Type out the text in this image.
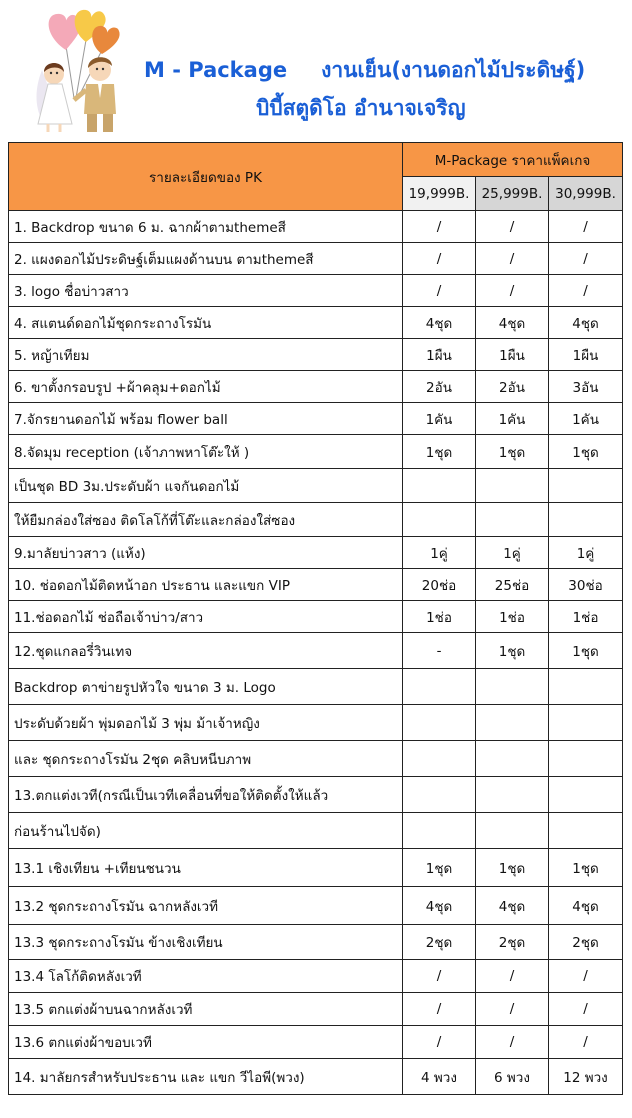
M - Package งานเย็น(งานดอกไม้ประดิษฐ์)
บิบี้สตูดิโอ อำนาจเจริญ
รายละเอียดของ PK	M-Package ราคาแพ็คเกจ		
	19,999B.	25,999B.	30,999B.
1. Backdrop ขนาด 6 ม. ฉากผ้าตามthemeสี	/	/	/
2. แผงดอกไม้ประดิษฐ์เต็มแผงด้านบน ตามthemeสี	/	/	/
3. logo ชื่อบ่าวสาว	/	/	/
4. สแตนด์ดอกไม้ชุดกระถางโรมัน	4ชุด	4ชุด	4ชุด
5. หญ้าเทียม	1ผืน	1ผืน	1ผืน
6. ขาตั้งกรอบรูป +ผ้าคลุม+ดอกไม้	2อัน	2อัน	3อัน
7.จักรยานดอกไม้ พร้อม flower ball	1คัน	1คัน	1คัน
8.จัดมุม reception (เจ้าภาพหาโต๊ะให้ )	1ชุด	1ชุด	1ชุด
เป็นชุด BD 3ม.ประดับผ้า แจกันดอกไม้			
ให้ยืมกล่องใส่ซอง ติดโลโก้ที่โต๊ะและกล่องใส่ซอง			
9.มาลัยบ่าวสาว (แห้ง)	1คู่	1คู่	1คู่
10. ช่อดอกไม้ติดหน้าอก ประธาน และแขก VIP	20ช่อ	25ช่อ	30ช่อ
11.ช่อดอกไม้ ช่อถือเจ้าบ่าว/สาว	1ช่อ	1ช่อ	1ช่อ
12.ชุดแกลอรี่วินเทจ	-	1ชุด	1ชุด
Backdrop ตาข่ายรูปหัวใจ ขนาด 3 ม. Logo			
ประดับด้วยผ้า พุ่มดอกไม้ 3 พุ่ม ม้าเจ้าหญิง			
และ ชุดกระถางโรมัน 2ชุด คลิบหนีบภาพ			
13.ตกแต่งเวที(กรณีเป็นเวทีเคลื่อนที่ขอให้ติดตั้งให้แล้ว			
ก่อนร้านไปจัด)			
13.1 เชิงเทียน +เทียนชนวน	1ชุด	1ชุด	1ชุด
13.2 ชุดกระถางโรมัน ฉากหลังเวที	4ชุด	4ชุด	4ชุด
13.3 ชุดกระถางโรมัน ข้างเชิงเทียน	2ชุด	2ชุด	2ชุด
13.4 โลโก้ติดหลังเวที	/	/	/
13.5 ตกแต่งผ้าบนฉากหลังเวที	/	/	/
13.6 ตกแต่งผ้าขอบเวที	/	/	/
14. มาลัยกรสำหรับประธาน และ แขก วีไอพี(พวง)	4 พวง	6 พวง	12 พวง
